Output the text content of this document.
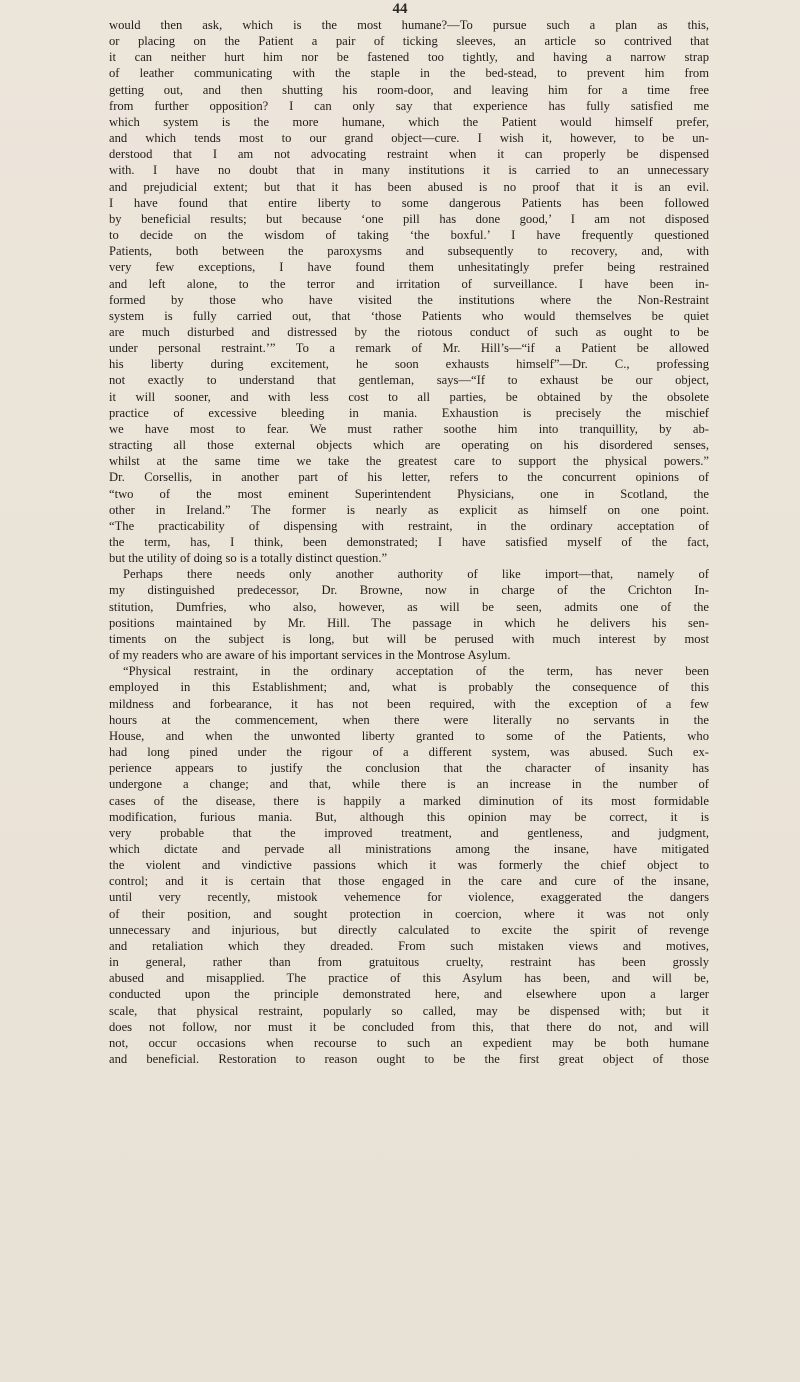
44
would then ask, which is the most humane?—To pursue such a plan as this,
or placing on the Patient a pair of ticking sleeves, an article so contrived that
it can neither hurt him nor be fastened too tightly, and having a narrow strap
of leather communicating with the staple in the bed-stead, to prevent him from
getting out, and then shutting his room-door, and leaving him for a time free
from further opposition? I can only say that experience has fully satisfied me
which system is the more humane, which the Patient would himself prefer,
and which tends most to our grand object—cure. I wish it, however, to be un-
derstood that I am not advocating restraint when it can properly be dispensed
with. I have no doubt that in many institutions it is carried to an unnecessary
and prejudicial extent; but that it has been abused is no proof that it is an evil.
I have found that entire liberty to some dangerous Patients has been followed
by beneficial results; but because ‘one pill has done good,’ I am not disposed
to decide on the wisdom of taking ‘the boxful.’ I have frequently questioned
Patients, both between the paroxysms and subsequently to recovery, and, with
very few exceptions, I have found them unhesitatingly prefer being restrained
and left alone, to the terror and irritation of surveillance. I have been in-
formed by those who have visited the institutions where the Non-Restraint
system is fully carried out, that ‘those Patients who would themselves be quiet
are much disturbed and distressed by the riotous conduct of such as ought to be
under personal restraint.’” To a remark of Mr. Hill’s—“if a Patient be allowed
his liberty during excitement, he soon exhausts himself”—Dr. C., professing
not exactly to understand that gentleman, says—“If to exhaust be our object,
it will sooner, and with less cost to all parties, be obtained by the obsolete
practice of excessive bleeding in mania. Exhaustion is precisely the mischief
we have most to fear. We must rather soothe him into tranquillity, by ab-
stracting all those external objects which are operating on his disordered senses,
whilst at the same time we take the greatest care to support the physical powers.”
Dr. Corsellis, in another part of his letter, refers to the concurrent opinions of
“two of the most eminent Superintendent Physicians, one in Scotland, the
other in Ireland.” The former is nearly as explicit as himself on one point.
“The practicability of dispensing with restraint, in the ordinary acceptation of
the term, has, I think, been demonstrated; I have satisfied myself of the fact,
but the utility of doing so is a totally distinct question.”
Perhaps there needs only another authority of like import—that, namely of
my distinguished predecessor, Dr. Browne, now in charge of the Crichton In-
stitution, Dumfries, who also, however, as will be seen, admits one of the
positions maintained by Mr. Hill. The passage in which he delivers his sen-
timents on the subject is long, but will be perused with much interest by most
of my readers who are aware of his important services in the Montrose Asylum.
“Physical restraint, in the ordinary acceptation of the term, has never been
employed in this Establishment; and, what is probably the consequence of this
mildness and forbearance, it has not been required, with the exception of a few
hours at the commencement, when there were literally no servants in the
House, and when the unwonted liberty granted to some of the Patients, who
had long pined under the rigour of a different system, was abused. Such ex-
perience appears to justify the conclusion that the character of insanity has
undergone a change; and that, while there is an increase in the number of
cases of the disease, there is happily a marked diminution of its most formidable
modification, furious mania. But, although this opinion may be correct, it is
very probable that the improved treatment, and gentleness, and judgment,
which dictate and pervade all ministrations among the insane, have mitigated
the violent and vindictive passions which it was formerly the chief object to
control; and it is certain that those engaged in the care and cure of the insane,
until very recently, mistook vehemence for violence, exaggerated the dangers
of their position, and sought protection in coercion, where it was not only
unnecessary and injurious, but directly calculated to excite the spirit of revenge
and retaliation which they dreaded. From such mistaken views and motives,
in general, rather than from gratuitous cruelty, restraint has been grossly
abused and misapplied. The practice of this Asylum has been, and will be,
conducted upon the principle demonstrated here, and elsewhere upon a larger
scale, that physical restraint, popularly so called, may be dispensed with; but it
does not follow, nor must it be concluded from this, that there do not, and will
not, occur occasions when recourse to such an expedient may be both humane
and beneficial. Restoration to reason ought to be the first great object of those
